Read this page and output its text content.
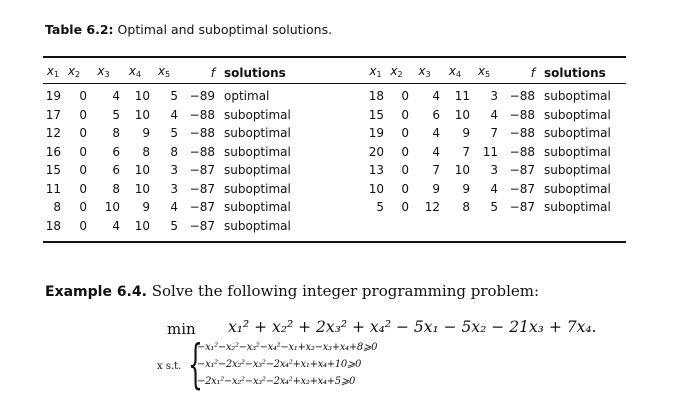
Table 6.2: Optimal and suboptimal solutions.
$x_1$	$x_2$	$x_3$	$x_4$	$x_5$	f	solutions
19	0	4	10	5	−89	optimal
17	0	5	10	4	−88	suboptimal
12	0	8	9	5	−88	suboptimal
16	0	6	8	8	−88	suboptimal
15	0	6	10	3	−87	suboptimal
11	0	8	10	3	−87	suboptimal
8	0	10	9	4	−87	suboptimal
18	0	4	10	5	−87	suboptimal
$x_1$	$x_2$	$x_3$	$x_4$	$x_5$	f	solutions
18	0	4	11	3	−88	suboptimal
15	0	6	10	4	−88	suboptimal
19	0	4	9	7	−88	suboptimal
20	0	4	7	11	−88	suboptimal
13	0	7	10	3	−87	suboptimal
10	0	9	9	4	−87	suboptimal
5	0	12	8	5	−87	suboptimal
Example 6.4. Solve the following integer programming problem:
min x₁² + x₂² + 2x₃² + x₄² − 5x₁ − 5x₂ − 21x₃ + 7x₄.
x s.t. {
−x₁²−x₂²−x₃²−x₄²−x₁+x₂−x₃+x₄+8⩾0
−x₁²−2x₂²−x₃²−2x₄²+x₁+x₄+10⩾0
−2x₁²−x₂²−x₃²−2x₄²+x₂+x₄+5⩾0
